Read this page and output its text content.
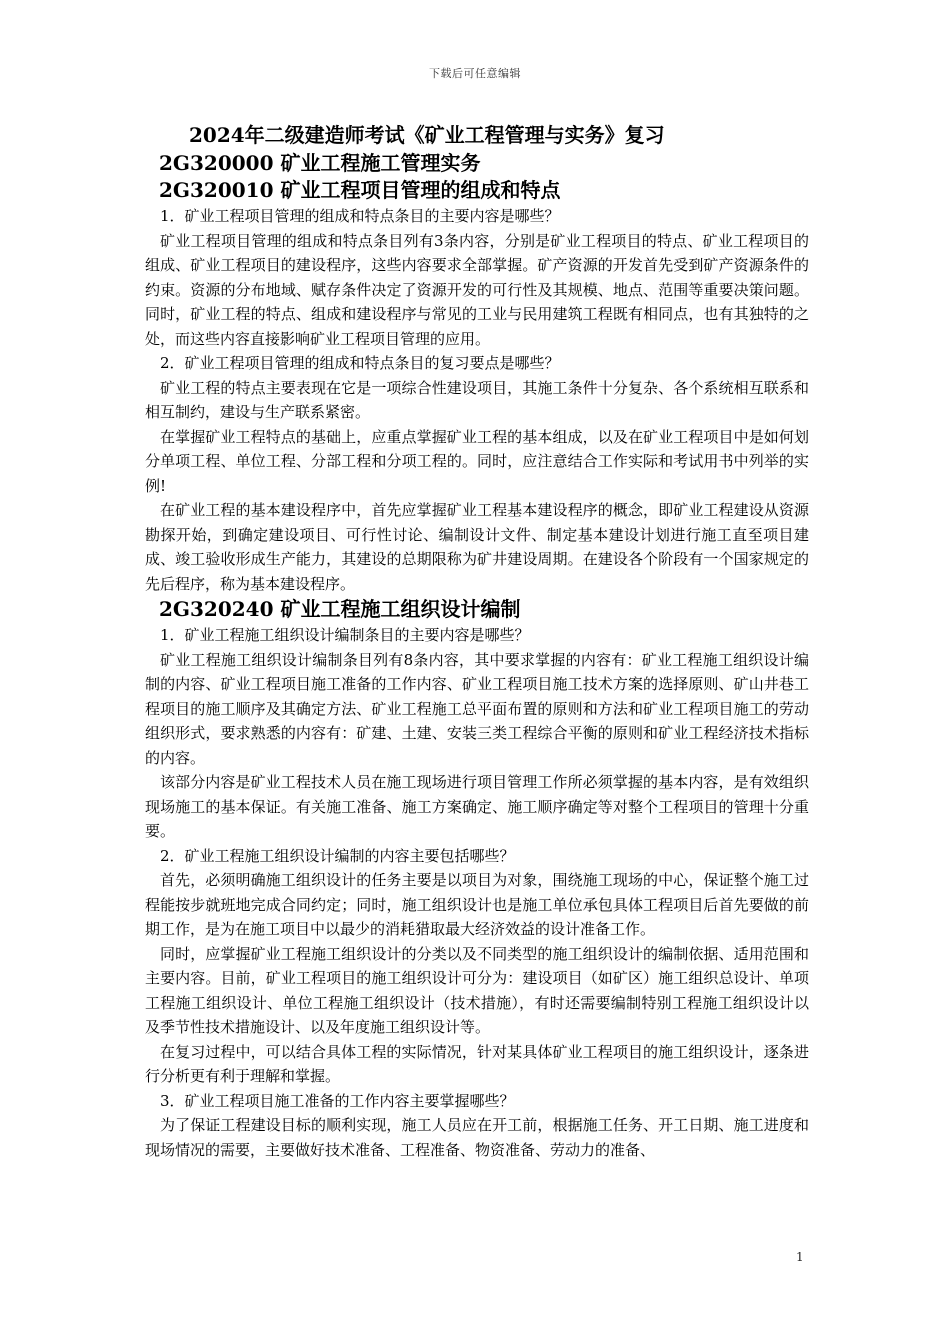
下载后可任意编辑
2024年二级建造师考试《矿业工程管理与实务》复习
2G320000 矿业工程施工管理实务
2G320010 矿业工程项目管理的组成和特点
1．矿业工程项目管理的组成和特点条目的主要内容是哪些？
矿业工程项目管理的组成和特点条目列有3条内容，分别是矿业工程项目的特点、矿业工程项目的组成、矿业工程项目的建设程序，这些内容要求全部掌握。矿产资源的开发首先受到矿产资源条件的约束。资源的分布地域、赋存条件决定了资源开发的可行性及其规模、地点、范围等重要决策问题。同时，矿业工程的特点、组成和建设程序与常见的工业与民用建筑工程既有相同点，也有其独特的之处，而这些内容直接影响矿业工程项目管理的应用。
2．矿业工程项目管理的组成和特点条目的复习要点是哪些？
矿业工程的特点主要表现在它是一项综合性建设项目，其施工条件十分复杂、各个系统相互联系和相互制约，建设与生产联系紧密。
在掌握矿业工程特点的基础上，应重点掌握矿业工程的基本组成，以及在矿业工程项目中是如何划分单项工程、单位工程、分部工程和分项工程的。同时，应注意结合工作实际和考试用书中列举的实例!
在矿业工程的基本建设程序中，首先应掌握矿业工程基本建设程序的概念，即矿业工程建设从资源勘探开始，到确定建设项目、可行性讨论、编制设计文件、制定基本建设计划进行施工直至项目建成、竣工验收形成生产能力，其建设的总期限称为矿井建设周期。在建设各个阶段有一个国家规定的先后程序，称为基本建设程序。
2G320240 矿业工程施工组织设计编制
1．矿业工程施工组织设计编制条目的主要内容是哪些？
矿业工程施工组织设计编制条目列有8条内容，其中要求掌握的内容有：矿业工程施工组织设计编制的内容、矿业工程项目施工准备的工作内容、矿业工程项目施工技术方案的选择原则、矿山井巷工程项目的施工顺序及其确定方法、矿业工程施工总平面布置的原则和方法和矿业工程项目施工的劳动组织形式，要求熟悉的内容有：矿建、土建、安装三类工程综合平衡的原则和矿业工程经济技术指标的内容。
该部分内容是矿业工程技术人员在施工现场进行项目管理工作所必须掌握的基本内容，是有效组织现场施工的基本保证。有关施工准备、施工方案确定、施工顺序确定等对整个工程项目的管理十分重要。
2．矿业工程施工组织设计编制的内容主要包括哪些？
首先，必须明确施工组织设计的任务主要是以项目为对象，围绕施工现场的中心，保证整个施工过程能按步就班地完成合同约定；同时，施工组织设计也是施工单位承包具体工程项目后首先要做的前期工作，是为在施工项目中以最少的消耗猎取最大经济效益的设计准备工作。
同时，应掌握矿业工程施工组织设计的分类以及不同类型的施工组织设计的编制依据、适用范围和主要内容。目前，矿业工程项目的施工组织设计可分为：建设项目（如矿区）施工组织总设计、单项工程施工组织设计、单位工程施工组织设计（技术措施），有时还需要编制特别工程施工组织设计以及季节性技术措施设计、以及年度施工组织设计等。
在复习过程中，可以结合具体工程的实际情况，针对某具体矿业工程项目的施工组织设计，逐条进行分析更有利于理解和掌握。
3．矿业工程项目施工准备的工作内容主要掌握哪些？
为了保证工程建设目标的顺利实现，施工人员应在开工前，根据施工任务、开工日期、施工进度和现场情况的需要，主要做好技术准备、工程准备、物资准备、劳动力的准备、
1
